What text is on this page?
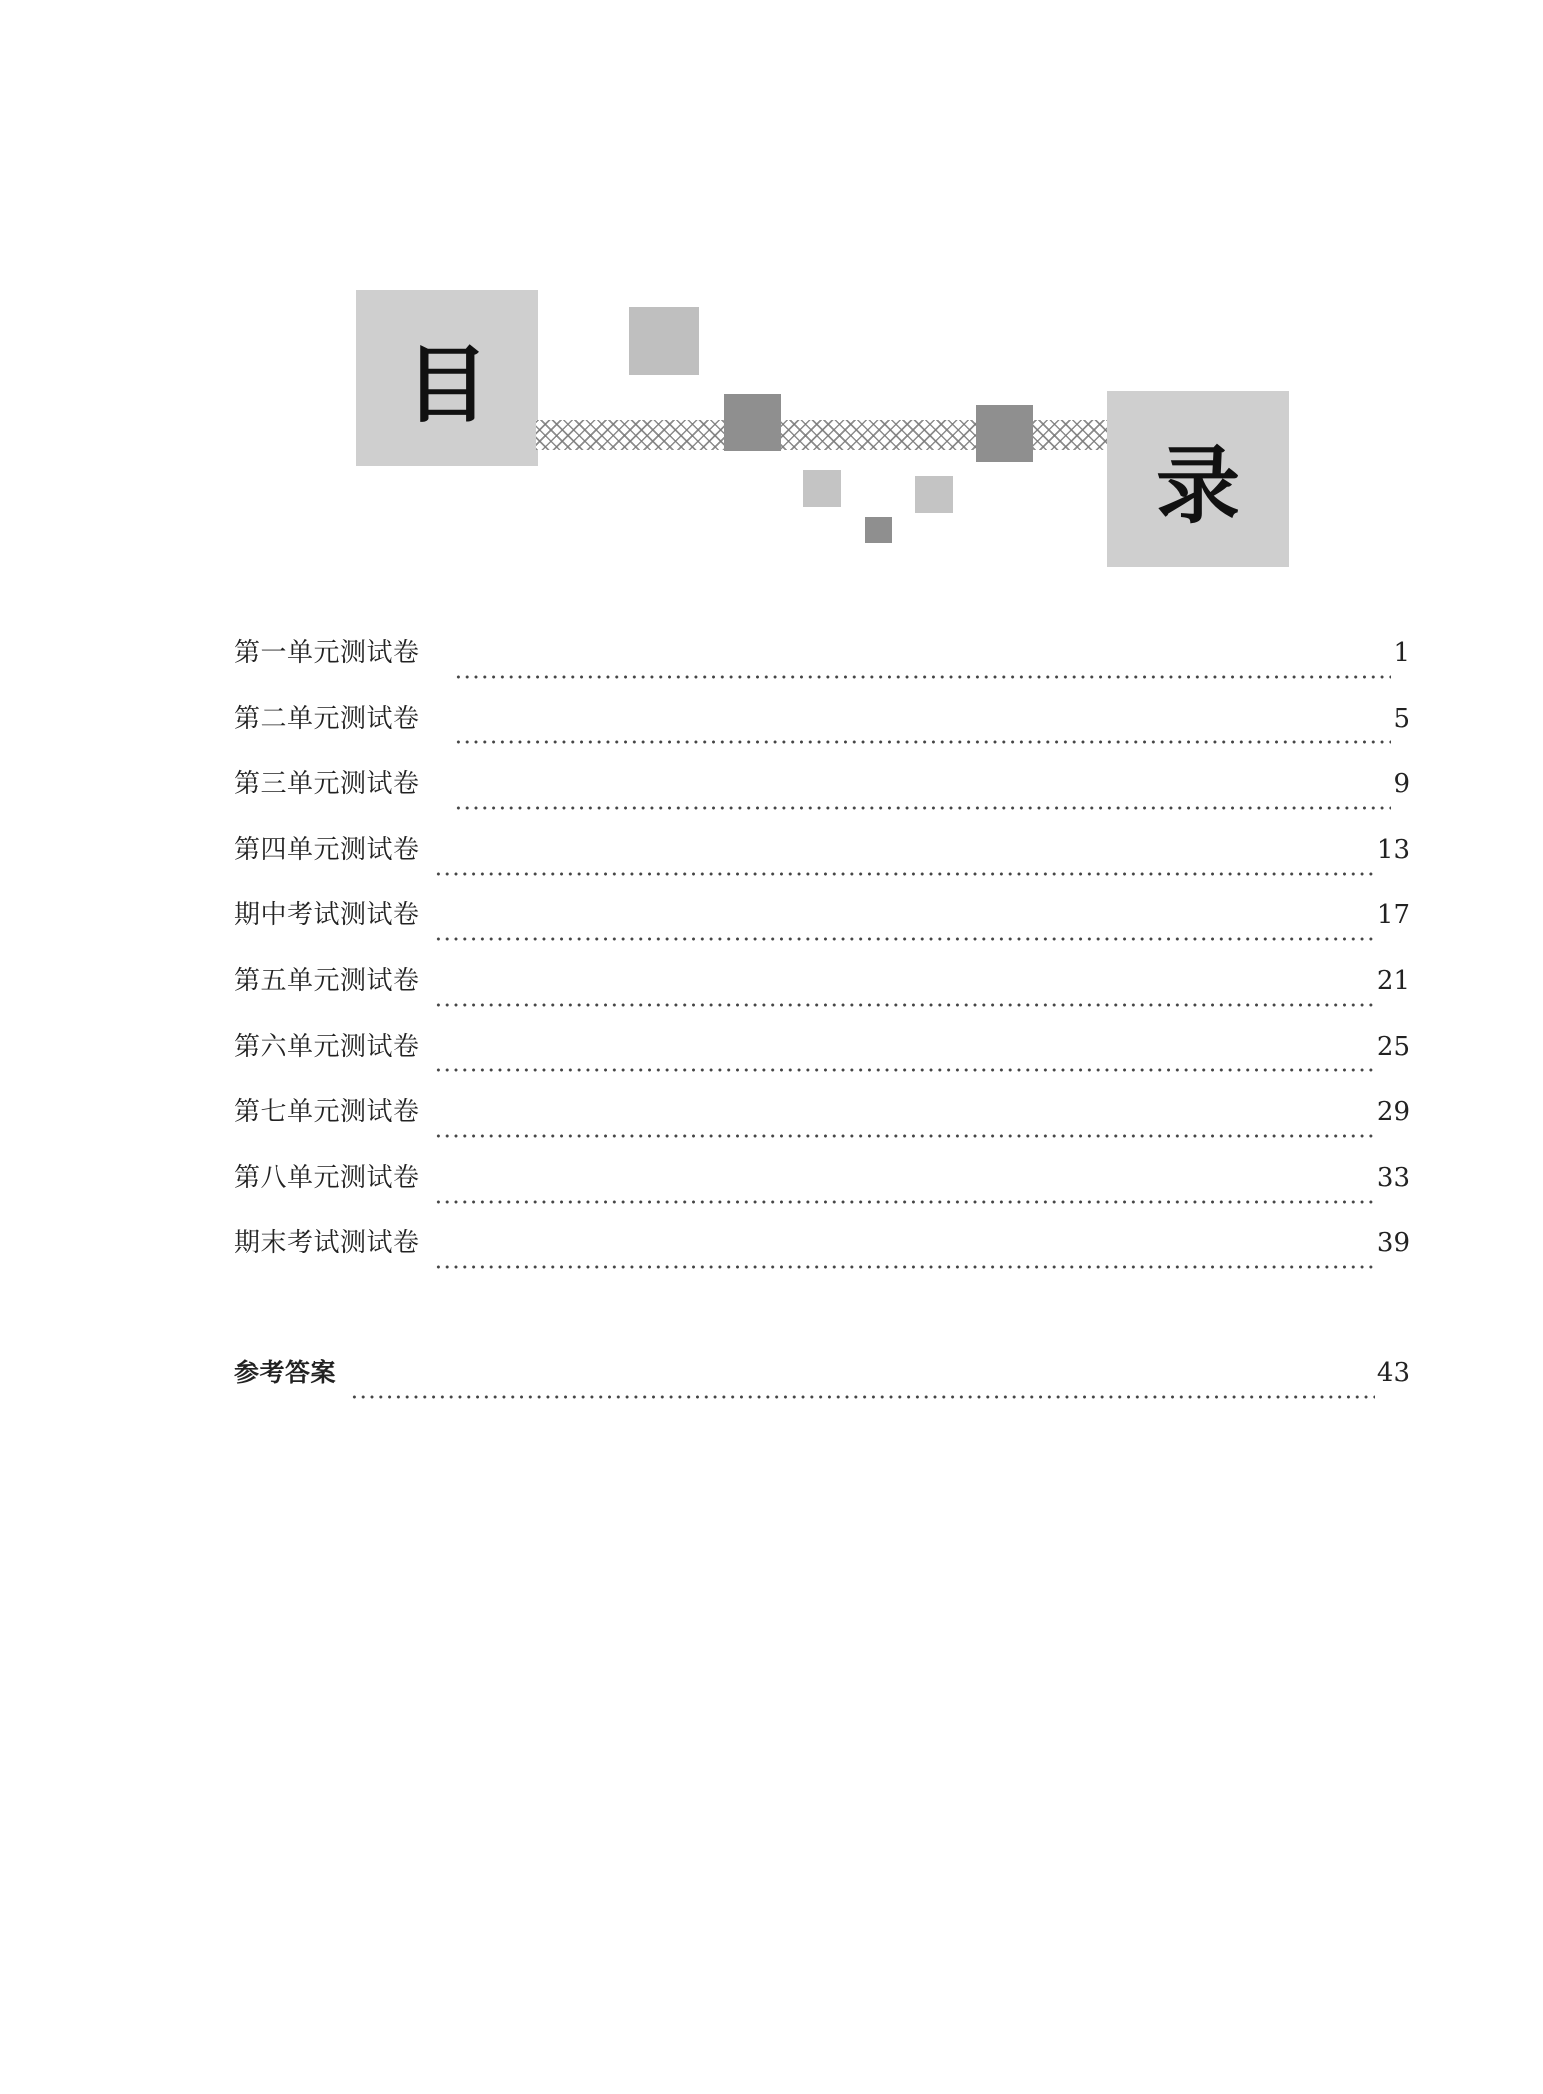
目
录
第一单元测试卷	1
第二单元测试卷	5
第三单元测试卷	9
第四单元测试卷	13
期中考试测试卷	17
第五单元测试卷	21
第六单元测试卷	25
第七单元测试卷	29
第八单元测试卷	33
期末考试测试卷	39
参考答案	43
